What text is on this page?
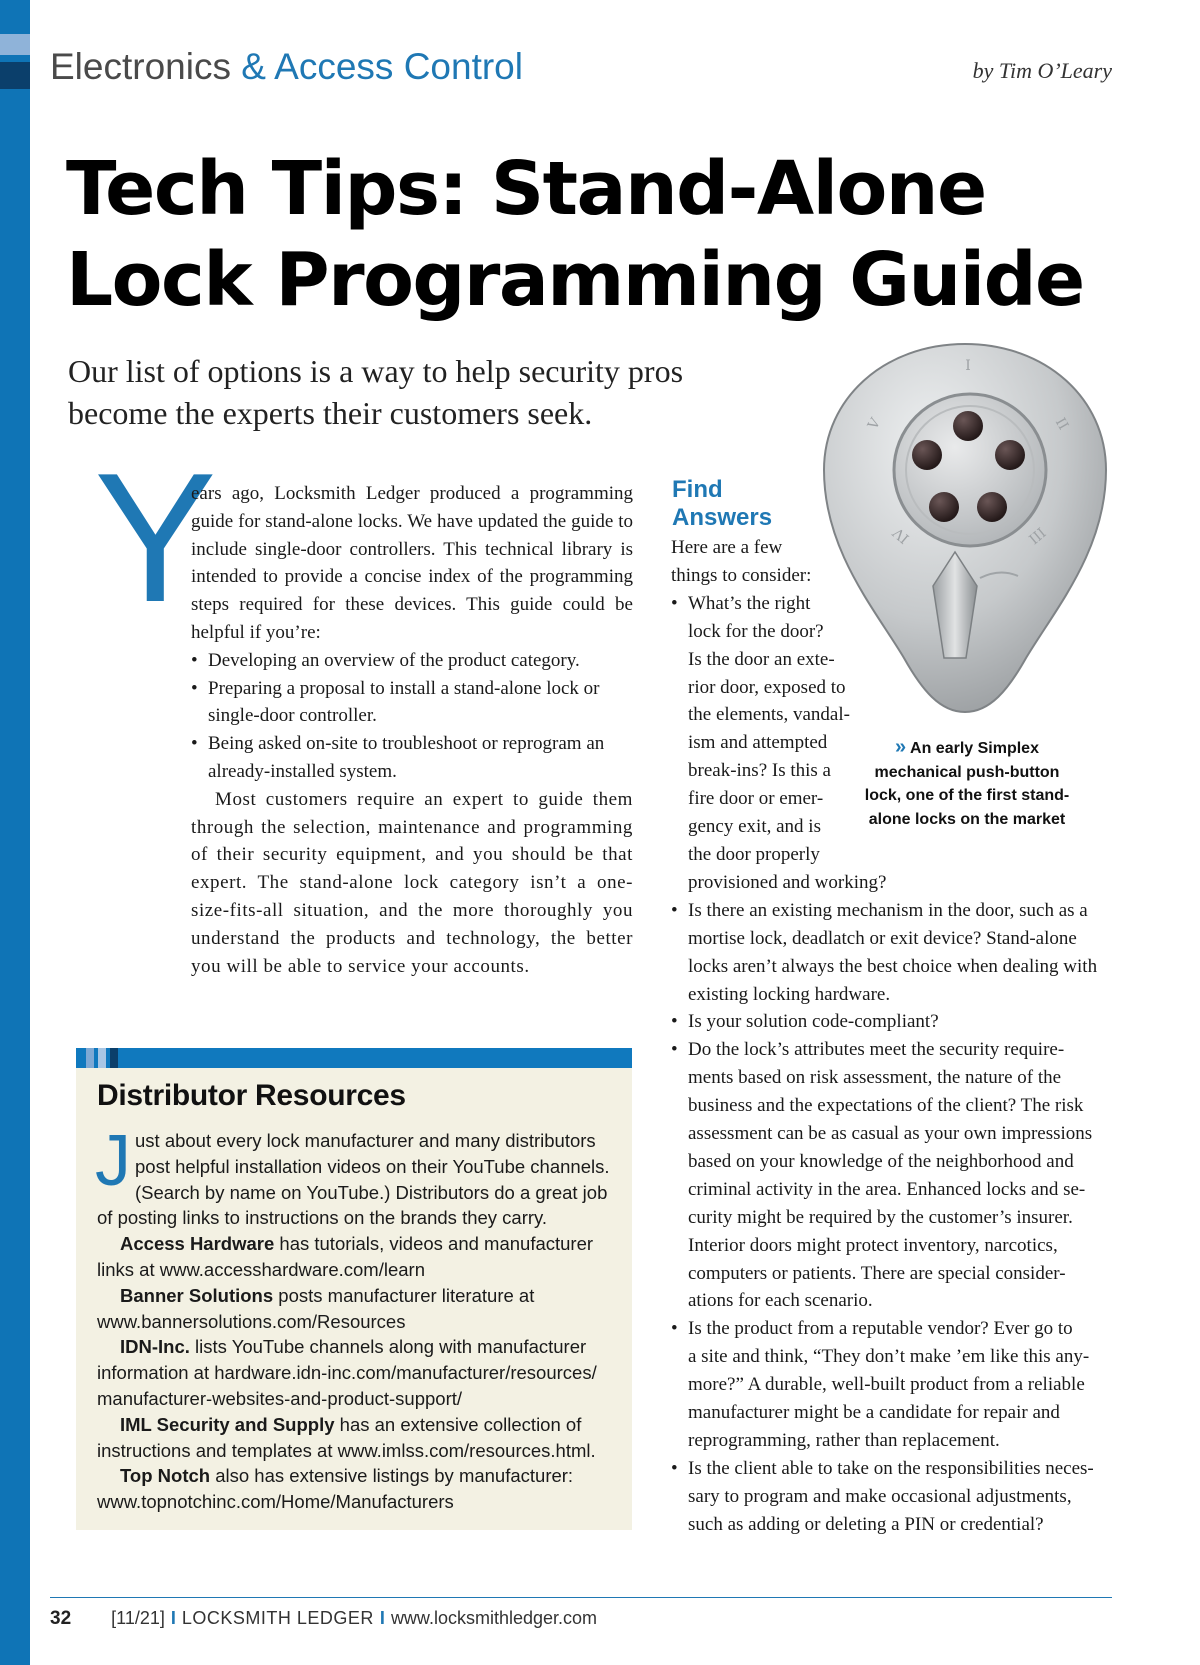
Electronics & Access Control	by Tim O’Leary
Tech Tips: Stand-Alone
Lock Programming Guide

Our list of options is a way to help security pros
become the experts their customers seek.

I
II
III
IV
V
Y

ears ago, Locksmith Ledger produced a programming guide for stand-alone locks. We have updated the guide to include single-door controllers. This technical library is intended to provide a concise index of the programming steps required for these devices. This guide could be helpful if you’re:

• Developing an overview of the product category.
• Preparing a proposal to install a stand-alone lock or single-door controller.
• Being asked on-site to troubleshoot or reprogram an already-installed system.

Most customers require an expert to guide them through the selection, maintenance and programming of their security equipment, and you should be that expert. The stand-alone lock category isn’t a one-size-fits-all situation, and the more thoroughly you understand the products and technology, the better you will be able to service your accounts.

Distributor Resources

Just about every lock manufacturer and many distributors post helpful installation videos on their YouTube channels. (Search by name on YouTube.) Distributors do a great job of posting links to instructions on the brands they carry.

Access Hardware has tutorials, videos and manufacturer links at www.accesshardware.com/learn

Banner Solutions posts manufacturer literature at www.bannersolutions.com/Resources

IDN-Inc. lists YouTube channels along with manufacturer information at hardware.idn-inc.com/manufacturer/resources/ manufacturer-websites-and-product-support/

IML Security and Supply has an extensive collection of instructions and templates at www.imlss.com/resources.html.

Top Notch also has extensive listings by manufacturer: www.topnotchinc.com/Home/Manufacturers

Find
Answers
Here are a few
things to consider:
• What’s the right
lock for the door?
Is the door an exte-
rior door, exposed to
the elements, vandal-
ism and attempted
break-ins? Is this a
fire door or emer-
gency exit, and is
the door properly
provisioned and working?
• Is there an existing mechanism in the door, such as a
mortise lock, deadlatch or exit device? Stand-alone
locks aren’t always the best choice when dealing with
existing locking hardware.
• Is your solution code-compliant?
• Do the lock’s attributes meet the security require-
ments based on risk assessment, the nature of the
business and the expectations of the client? The risk
assessment can be as casual as your own impressions
based on your knowledge of the neighborhood and
criminal activity in the area. Enhanced locks and se-
curity might be required by the customer’s insurer.
Interior doors might protect inventory, narcotics,
computers or patients. There are special consider-
ations for each scenario.
• Is the product from a reputable vendor? Ever go to
a site and think, “They don’t make ’em like this any-
more?” A durable, well-built product from a reliable
manufacturer might be a candidate for repair and
reprogramming, rather than replacement.
• Is the client able to take on the responsibilities neces-
sary to program and make occasional adjustments,
such as adding or deleting a PIN or credential?
» An early Simplex
mechanical push-button
lock, one of the first stand-
alone locks on the market
32 [11/21] I LOCKSMITH LEDGER I www.locksmithledger.com
